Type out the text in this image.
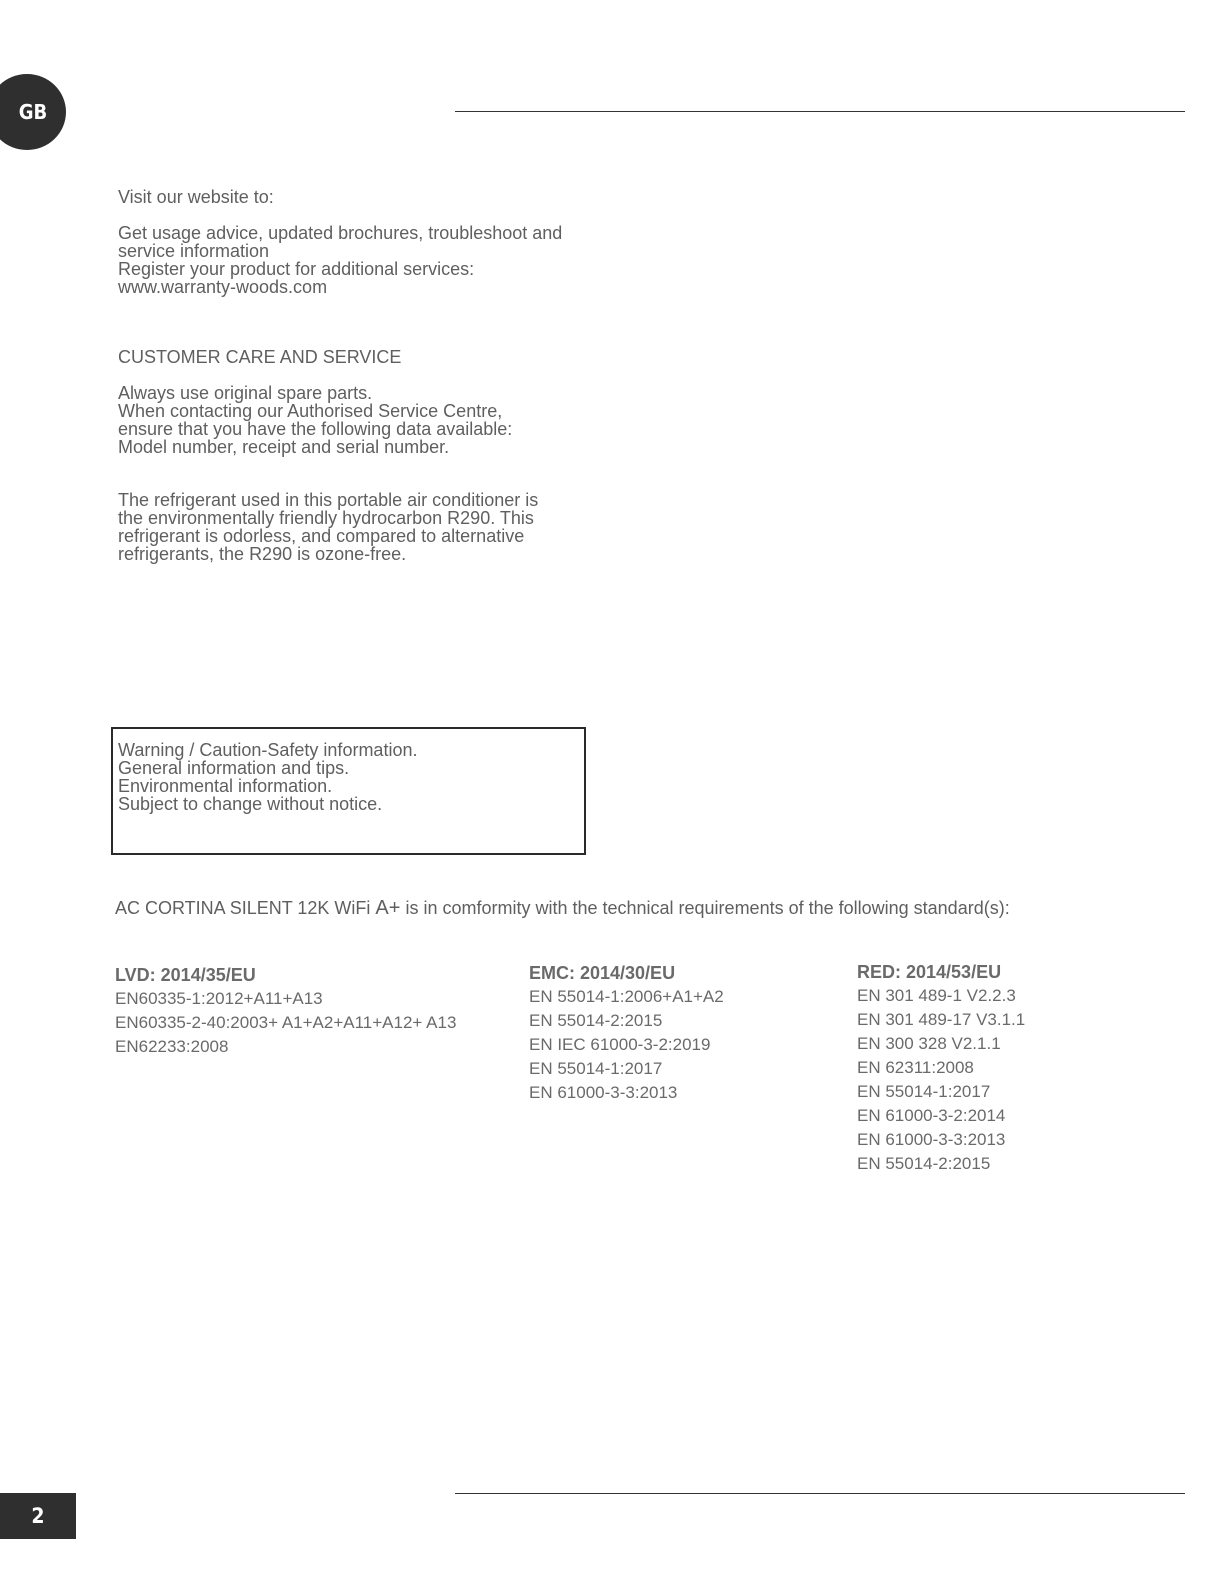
GB

Visit our website to:

Get usage advice, updated brochures, troubleshoot and

service information

Register your product for additional services:

www.warranty-woods.com

CUSTOMER CARE AND SERVICE

Always use original spare parts.

When contacting our Authorised Service Centre,

ensure that you have the following data available:

Model number, receipt and serial number.

The refrigerant used in this portable air conditioner is

the environmentally friendly hydrocarbon R290. This

refrigerant is odorless, and compared to alternative

refrigerants, the R290 is ozone-free.

Warning / Caution-Safety information.

General information and tips.

Environmental information.

Subject to change without notice.

AC CORTINA SILENT 12K WiFi A+ is in comformity with the technical requirements of the following standard(s):
LVD: 2014/35/EU
EN60335-1:2012+A11+A13
EN60335-2-40:2003+ A1+A2+A11+A12+ A13
EN62233:2008
EMC: 2014/30/EU
EN 55014-1:2006+A1+A2
EN 55014-2:2015
EN IEC 61000-3-2:2019
EN 55014-1:2017
EN 61000-3-3:2013
RED: 2014/53/EU
EN 301 489-1 V2.2.3
EN 301 489-17 V3.1.1
EN 300 328 V2.1.1
EN 62311:2008
EN 55014-1:2017
EN 61000-3-2:2014
EN 61000-3-3:2013
EN 55014-2:2015
2
